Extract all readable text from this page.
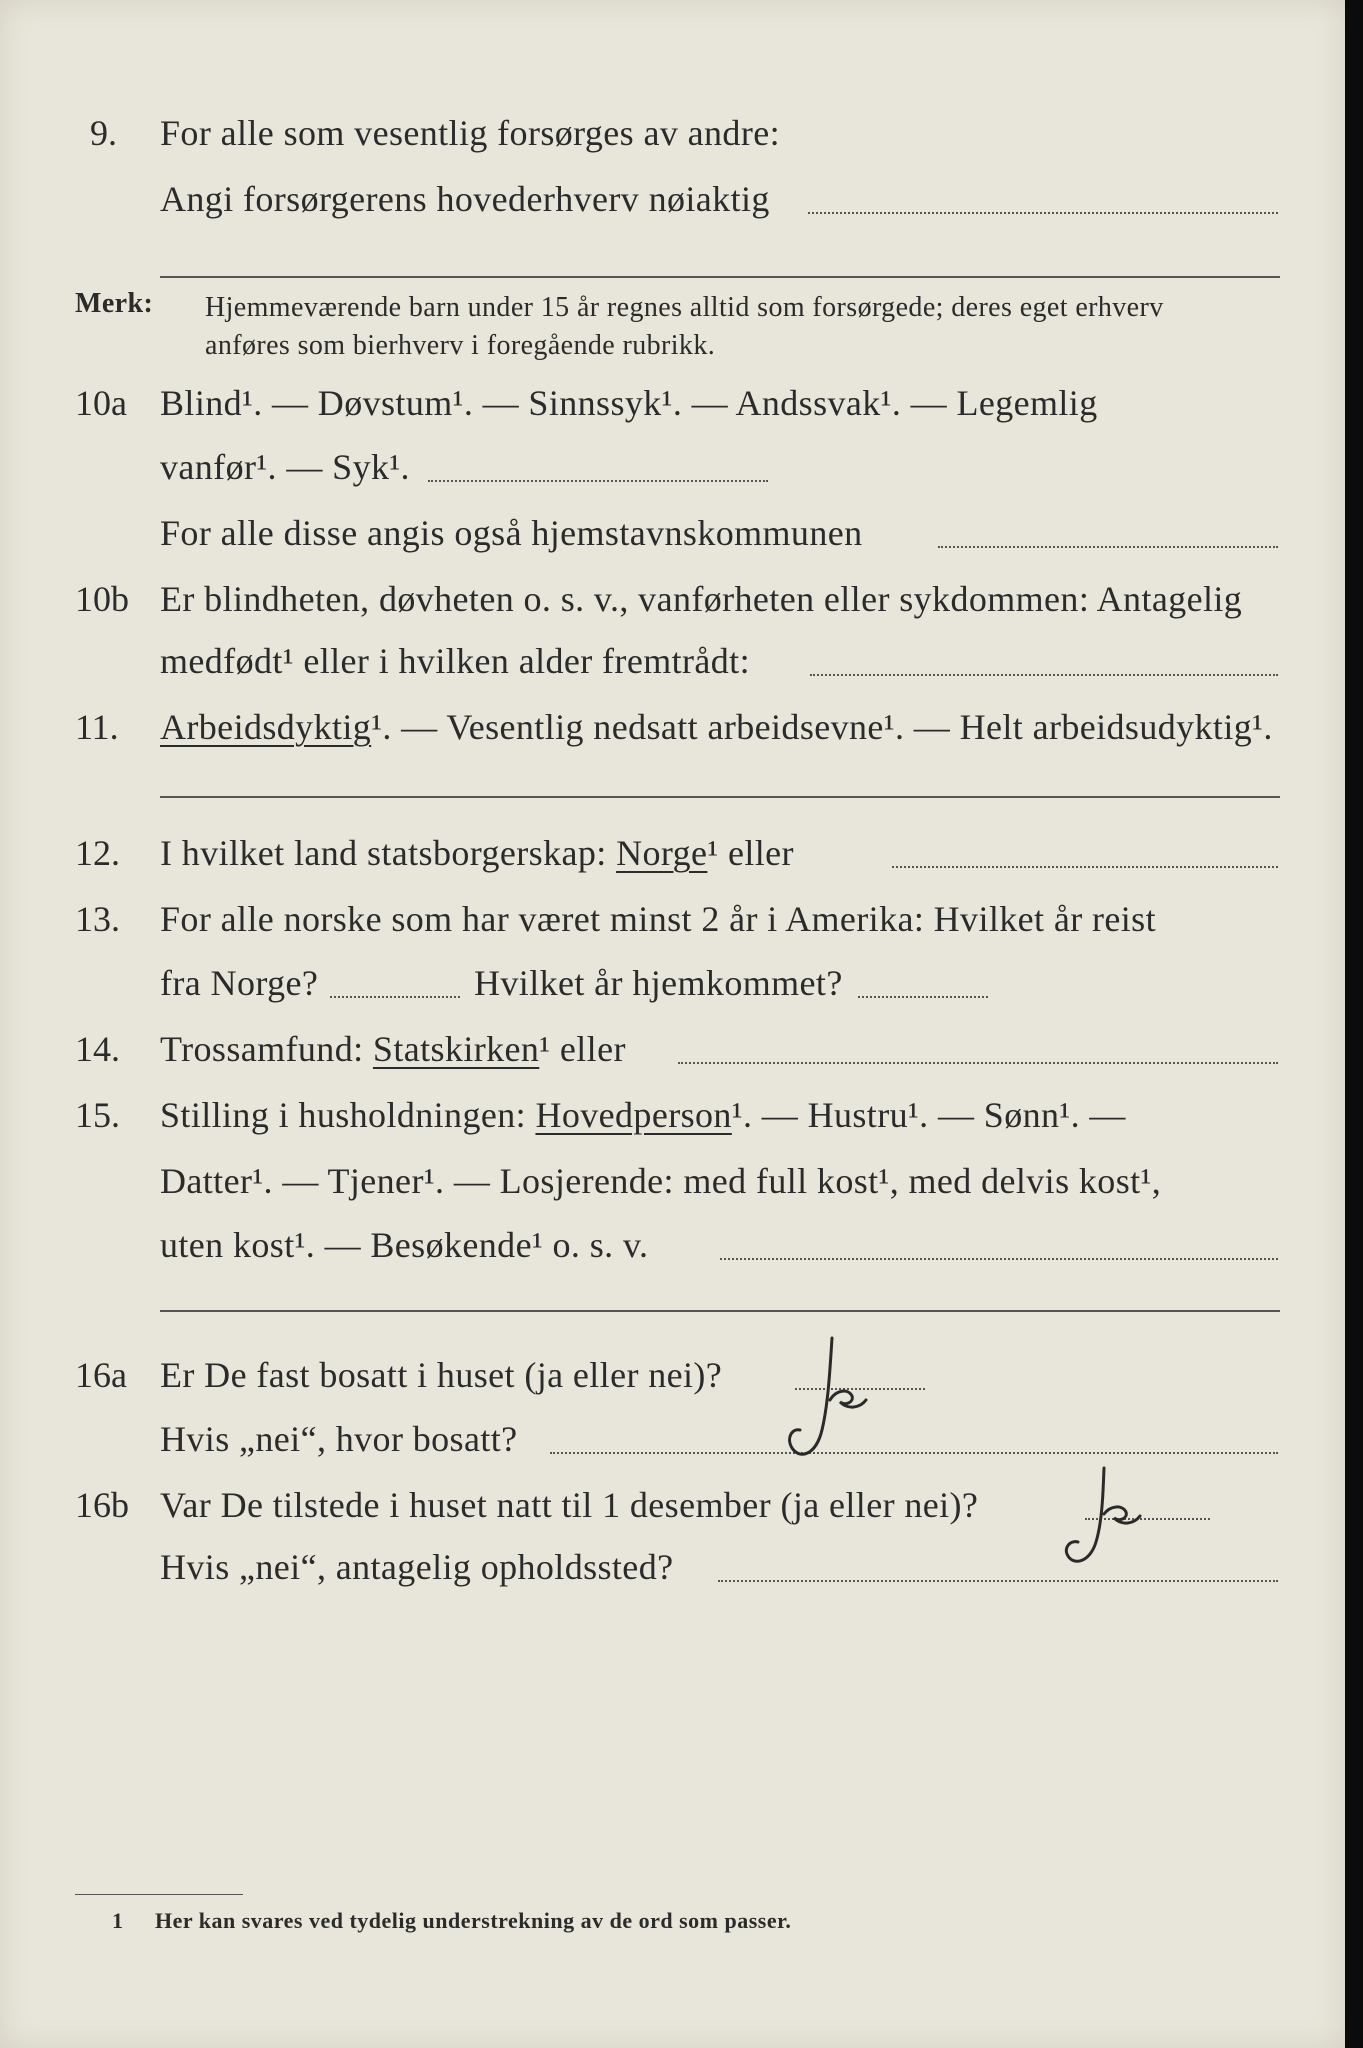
9. For alle som vesentlig forsørges av andre:
Angi forsørgerens hovederhverv nøiaktig
Merk: Hjemmeværende barn under 15 år regnes alltid som forsørgede; deres eget erhverv
anføres som bierhverv i foregående rubrikk.
10a Blind¹. — Døvstum¹. — Sinnssyk¹. — Andssvak¹. — Legemlig
vanfør¹. — Syk¹.
For alle disse angis også hjemstavnskommunen
10b Er blindheten, døvheten o. s. v., vanførheten eller sykdommen: Antagelig
medfødt¹ eller i hvilken alder fremtrådt:
11. Arbeidsdyktig¹. — Vesentlig nedsatt arbeidsevne¹. — Helt arbeidsudyktig¹.
12. I hvilket land statsborgerskap: Norge¹ eller
13. For alle norske som har været minst 2 år i Amerika: Hvilket år reist
fra Norge?	Hvilket år hjemkommet?
14. Trossamfund: Statskirken¹ eller
15. Stilling i husholdningen: Hovedperson¹. — Hustru¹. — Sønn¹. —
Datter¹. — Tjener¹. — Losjerende: med full kost¹, med delvis kost¹,
uten kost¹. — Besøkende¹ o. s. v.
16a Er De fast bosatt i huset (ja eller nei)?
Hvis „nei“, hvor bosatt?
16b Var De tilstede i huset natt til 1 desember (ja eller nei)?
Hvis „nei“, antagelig opholdssted?
1 Her kan svares ved tydelig understrekning av de ord som passer.
